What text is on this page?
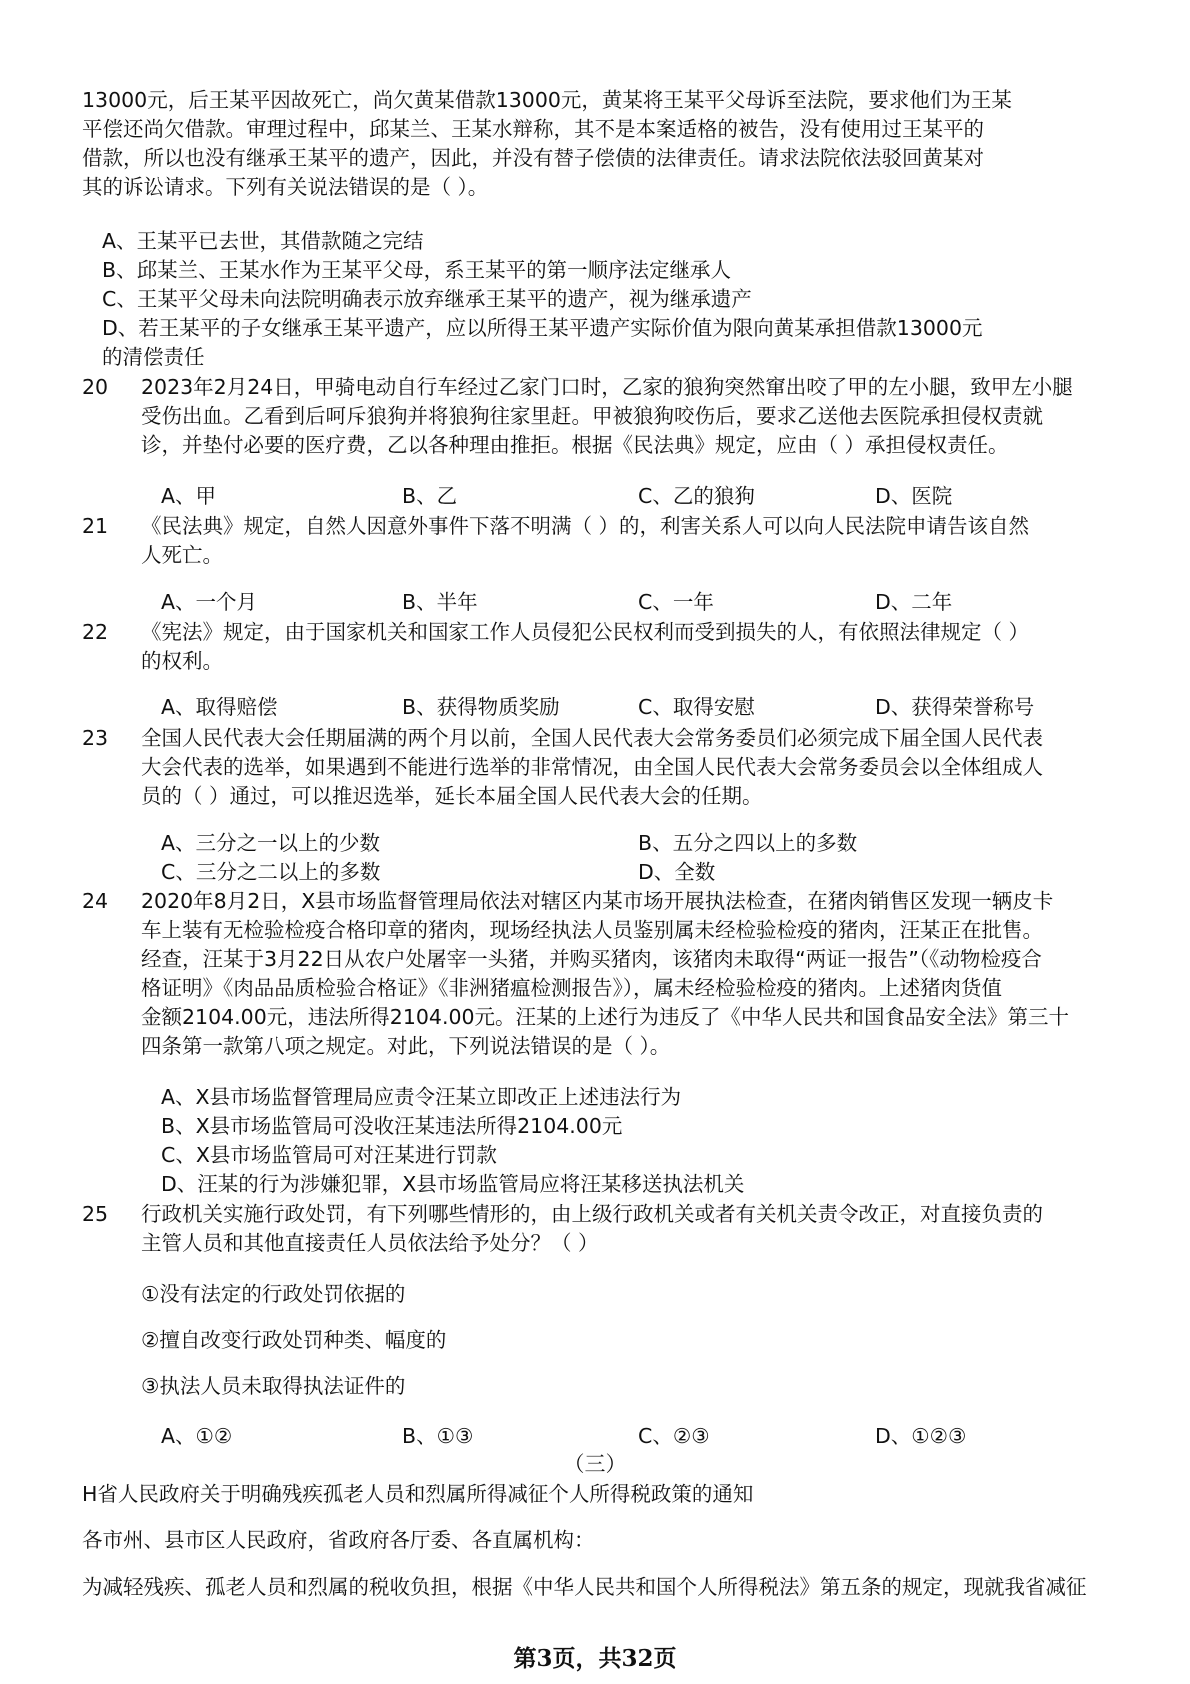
13000元，后王某平因故死亡，尚欠黄某借款13000元，黄某将王某平父母诉至法院，要求他们为王某
平偿还尚欠借款。审理过程中，邱某兰、王某水辩称，其不是本案适格的被告，没有使用过王某平的
借款，所以也没有继承王某平的遗产，因此，并没有替子偿债的法律责任。请求法院依法驳回黄某对
其的诉讼请求。下列有关说法错误的是（ ）。
A、王某平已去世，其借款随之完结
B、邱某兰、王某水作为王某平父母，系王某平的第一顺序法定继承人
C、王某平父母未向法院明确表示放弃继承王某平的遗产，视为继承遗产
D、若王某平的子女继承王某平遗产，应以所得王某平遗产实际价值为限向黄某承担借款13000元
的清偿责任
20 2023年2月24日，甲骑电动自行车经过乙家门口时，乙家的狼狗突然窜出咬了甲的左小腿，致甲左小腿
受伤出血。乙看到后呵斥狼狗并将狼狗往家里赶。甲被狼狗咬伤后，要求乙送他去医院承担侵权责就
诊，并垫付必要的医疗费，乙以各种理由推拒。根据《民法典》规定，应由（ ）承担侵权责任。
A、甲	B、乙	C、乙的狼狗	D、医院
21 《民法典》规定，自然人因意外事件下落不明满（ ）的，利害关系人可以向人民法院申请告该自然
人死亡。
A、一个月	B、半年	C、一年	D、二年
22 《宪法》规定，由于国家机关和国家工作人员侵犯公民权利而受到损失的人，有依照法律规定（ ）
的权利。
A、取得赔偿	B、获得物质奖励	C、取得安慰	D、获得荣誉称号
23 全国人民代表大会任期届满的两个月以前，全国人民代表大会常务委员们必须完成下届全国人民代表
大会代表的选举，如果遇到不能进行选举的非常情况，由全国人民代表大会常务委员会以全体组成人
员的（ ）通过，可以推迟选举，延长本届全国人民代表大会的任期。
A、三分之一以上的少数	B、五分之四以上的多数
C、三分之二以上的多数	D、全数
24 2020年8月2日，X县市场监督管理局依法对辖区内某市场开展执法检查，在猪肉销售区发现一辆皮卡
车上装有无检验检疫合格印章的猪肉，现场经执法人员鉴别属未经检验检疫的猪肉，汪某正在批售。
经查，汪某于3月22日从农户处屠宰一头猪，并购买猪肉，该猪肉未取得“两证一报告”（《动物检疫合
格证明》《肉品品质检验合格证》《非洲猪瘟检测报告》），属未经检验检疫的猪肉。上述猪肉货值
金额2104.00元，违法所得2104.00元。汪某的上述行为违反了《中华人民共和国食品安全法》第三十
四条第一款第八项之规定。对此，下列说法错误的是（ ）。
A、X县市场监督管理局应责令汪某立即改正上述违法行为
B、X县市场监管局可没收汪某违法所得2104.00元
C、X县市场监管局可对汪某进行罚款
D、汪某的行为涉嫌犯罪，X县市场监管局应将汪某移送执法机关
25 行政机关实施行政处罚，有下列哪些情形的，由上级行政机关或者有关机关责令改正，对直接负责的
主管人员和其他直接责任人员依法给予处分？（ ）
①没有法定的行政处罚依据的
②擅自改变行政处罚种类、幅度的
③执法人员未取得执法证件的
A、①②	B、①③	C、②③	D、①②③
（三）
H省人民政府关于明确残疾孤老人员和烈属所得减征个人所得税政策的通知
各市州、县市区人民政府，省政府各厅委、各直属机构：
为减轻残疾、孤老人员和烈属的税收负担，根据《中华人民共和国个人所得税法》第五条的规定，现就我省减征
第3页，共32页
